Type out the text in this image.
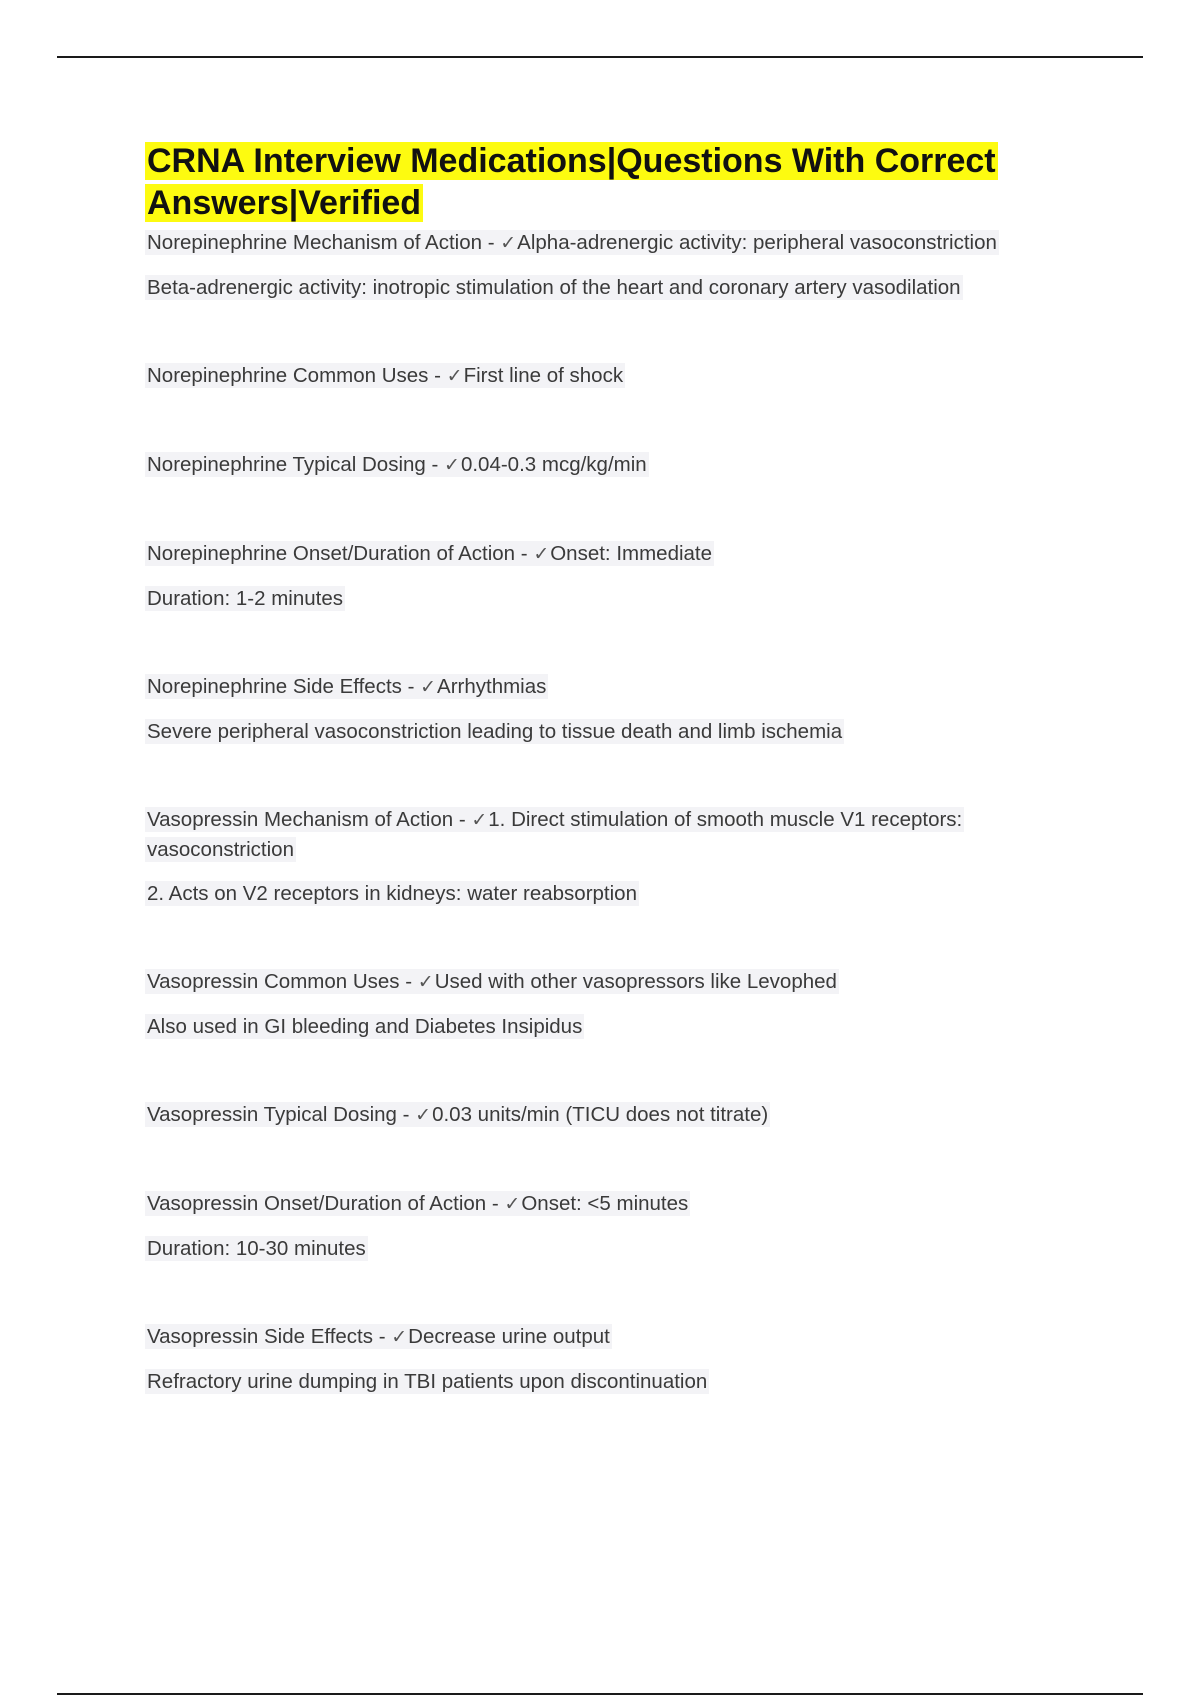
CRNA Interview Medications|Questions With Correct Answers|Verified
Norepinephrine Mechanism of Action - ✓Alpha-adrenergic activity: peripheral vasoconstriction
Beta-adrenergic activity: inotropic stimulation of the heart and coronary artery vasodilation
Norepinephrine Common Uses - ✓First line of shock
Norepinephrine Typical Dosing - ✓0.04-0.3 mcg/kg/min
Norepinephrine Onset/Duration of Action - ✓Onset: Immediate
Duration: 1-2 minutes
Norepinephrine Side Effects - ✓Arrhythmias
Severe peripheral vasoconstriction leading to tissue death and limb ischemia
Vasopressin Mechanism of Action - ✓1. Direct stimulation of smooth muscle V1 receptors: vasoconstriction
2. Acts on V2 receptors in kidneys: water reabsorption
Vasopressin Common Uses - ✓Used with other vasopressors like Levophed
Also used in GI bleeding and Diabetes Insipidus
Vasopressin Typical Dosing - ✓0.03 units/min (TICU does not titrate)
Vasopressin Onset/Duration of Action - ✓Onset: <5 minutes
Duration: 10-30 minutes
Vasopressin Side Effects - ✓Decrease urine output
Refractory urine dumping in TBI patients upon discontinuation
